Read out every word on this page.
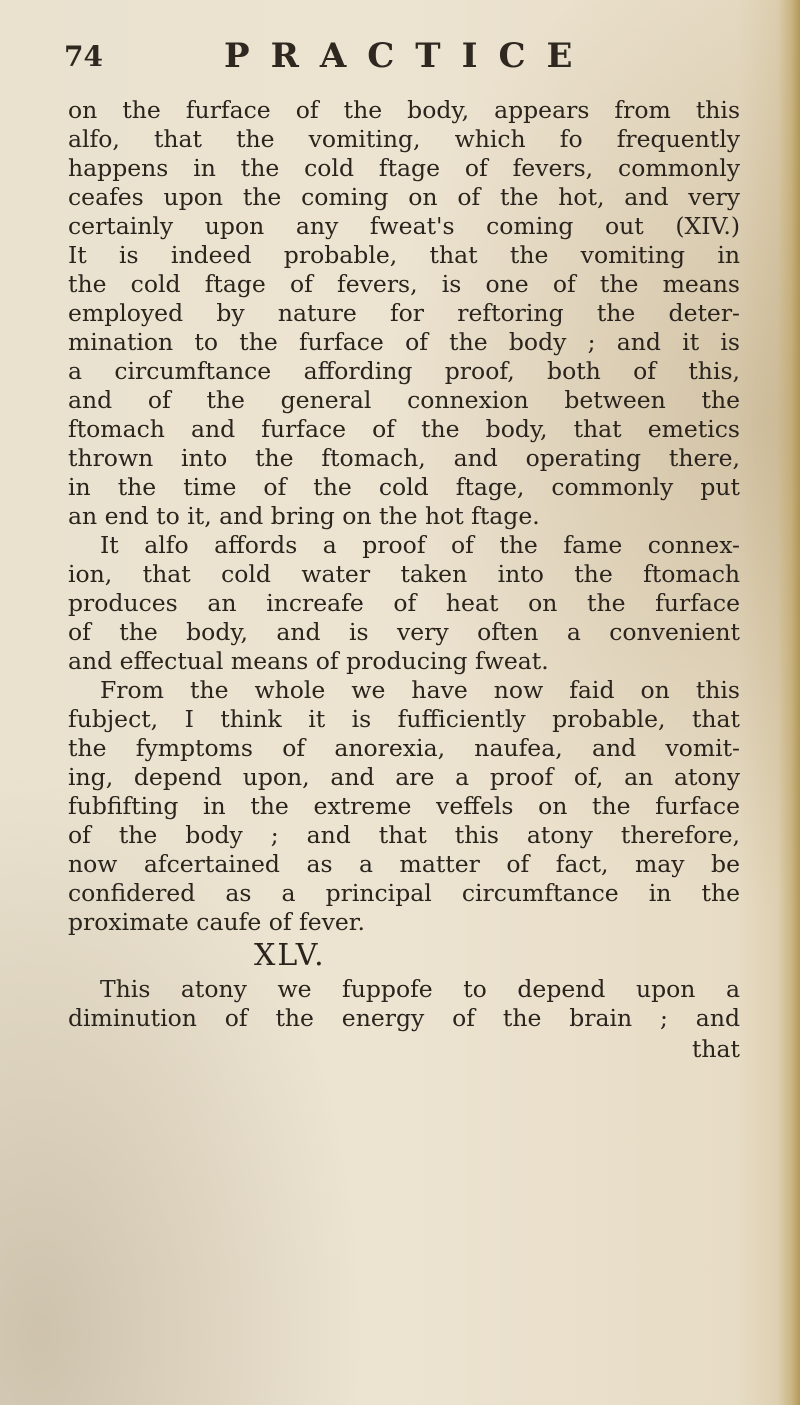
74	PRACTICE
on the furface of the body, appears from this
alfo, that the vomiting, which fo frequently
happens in the cold ftage of fevers, commonly
ceafes upon the coming on of the hot, and very
certainly upon any fweat's coming out (XIV.)
It is indeed probable, that the vomiting in
the cold ftage of fevers, is one of the means
employed by nature for reftoring the deter-
mination to the furface of the body ; and it is
a circumftance affording proof, both of this,
and of the general connexion between the
ftomach and furface of the body, that emetics
thrown into the ftomach, and operating there,
in the time of the cold ftage, commonly put
an end to it, and bring on the hot ftage.
It alfo affords a proof of the fame connex-
ion, that cold water taken into the ftomach
produces an increafe of heat on the furface
of the body, and is very often a convenient
and effectual means of producing fweat.
From the whole we have now faid on this
fubject, I think it is fufficiently probable, that
the fymptoms of anorexia, naufea, and vomit-
ing, depend upon, and are a proof of, an atony
fubfifting in the extreme veffels on the furface
of the body ; and that this atony therefore,
now afcertained as a matter of fact, may be
confidered as a principal circumftance in the
proximate caufe of fever.
XLV.
This atony we fuppofe to depend upon a
diminution of the energy of the brain ; and
that
